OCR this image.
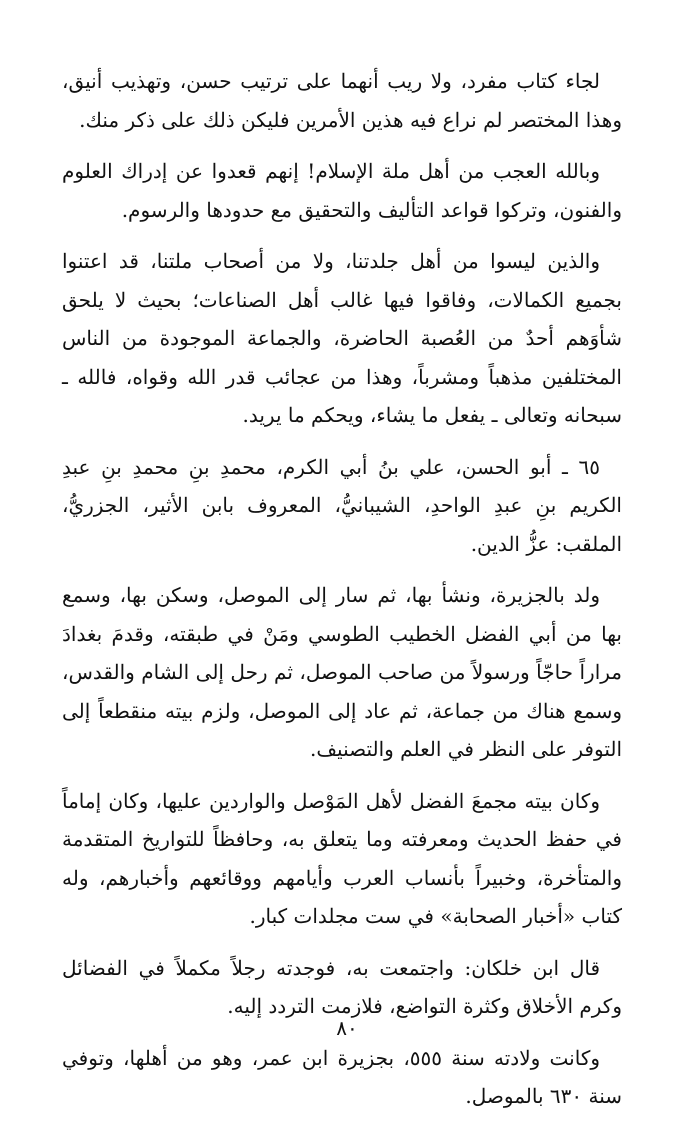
لجاء كتاب مفرد، ولا ريب أنهما على ترتيب حسن، وتهذيب أنيق، وهذا المختصر لم نراع فيه هذين الأمرين فليكن ذلك على ذكر منك.

وبالله العجب من أهل ملة الإسلام! إنهم قعدوا عن إدراك العلوم والفنون، وتركوا قواعد التأليف والتحقيق مع حدودها والرسوم.

والذين ليسوا من أهل جلدتنا، ولا من أصحاب ملتنا، قد اعتنوا بجميع الكمالات، وفاقوا فيها غالب أهل الصناعات؛ بحيث لا يلحق شأوَهم أحدٌ من العُصبة الحاضرة، والجماعة الموجودة من الناس المختلفين مذهباً ومشرباً، وهذا من عجائب قدر الله وقواه، فالله ـ سبحانه وتعالى ـ يفعل ما يشاء، ويحكم ما يريد.

٦٥ ـ أبو الحسن، علي بنُ أبي الكرم، محمدِ بنِ محمدِ بنِ عبدِ الكريم بنِ عبدِ الواحدِ، الشيبانيُّ، المعروف بابن الأثير، الجزريُّ، الملقب: عزُّ الدين.

ولد بالجزيرة، ونشأ بها، ثم سار إلى الموصل، وسكن بها، وسمع بها من أبي الفضل الخطيب الطوسي ومَنْ في طبقته، وقدمَ بغدادَ مراراً حاجّاً ورسولاً من صاحب الموصل، ثم رحل إلى الشام والقدس، وسمع هناك من جماعة، ثم عاد إلى الموصل، ولزم بيته منقطعاً إلى التوفر على النظر في العلم والتصنيف.

وكان بيته مجمعَ الفضل لأهل المَوْصل والواردين عليها، وكان إماماً في حفظ الحديث ومعرفته وما يتعلق به، وحافظاً للتواريخ المتقدمة والمتأخرة، وخبيراً بأنساب العرب وأيامهم ووقائعهم وأخبارهم، وله كتاب «أخبار الصحابة» في ست مجلدات كبار.

قال ابن خلكان: واجتمعت به، فوجدته رجلاً مكملاً في الفضائل وكرم الأخلاق وكثرة التواضع، فلازمت التردد إليه.

وكانت ولادته سنة ٥٥٥، بجزيرة ابن عمر، وهو من أهلها، وتوفي سنة ٦٣٠ بالموصل.

٨٠
